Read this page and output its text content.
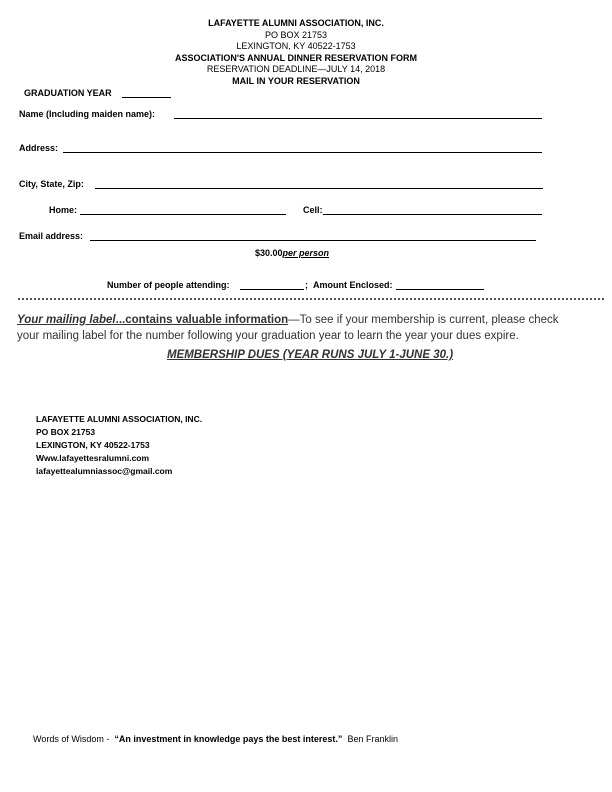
LAFAYETTE ALUMNI ASSOCIATION, INC.
PO BOX 21753
LEXINGTON, KY 40522-1753
ASSOCIATION'S ANNUAL DINNER RESERVATION FORM
RESERVATION DEADLINE—JULY 14, 2018
MAIL IN YOUR RESERVATION
GRADUATION YEAR
Name (Including maiden name):
Address:
City, State, Zip:
Home:	Cell:
Email address:
$30.00per person
Number of people attending:	; Amount Enclosed:
Your mailing label...contains valuable information—To see if your membership is current, please check
your mailing label for the number following your graduation year to learn the year your dues expire.
MEMBERSHIP DUES (YEAR RUNS JULY 1-JUNE 30.)
LAFAYETTE ALUMNI ASSOCIATION, INC.
PO BOX 21753
LEXINGTON, KY 40522-1753
Www.lafayettesralumni.com
lafayettealumniassoc@gmail.com
Words of Wisdom - “An investment in knowledge pays the best interest.” Ben Franklin
